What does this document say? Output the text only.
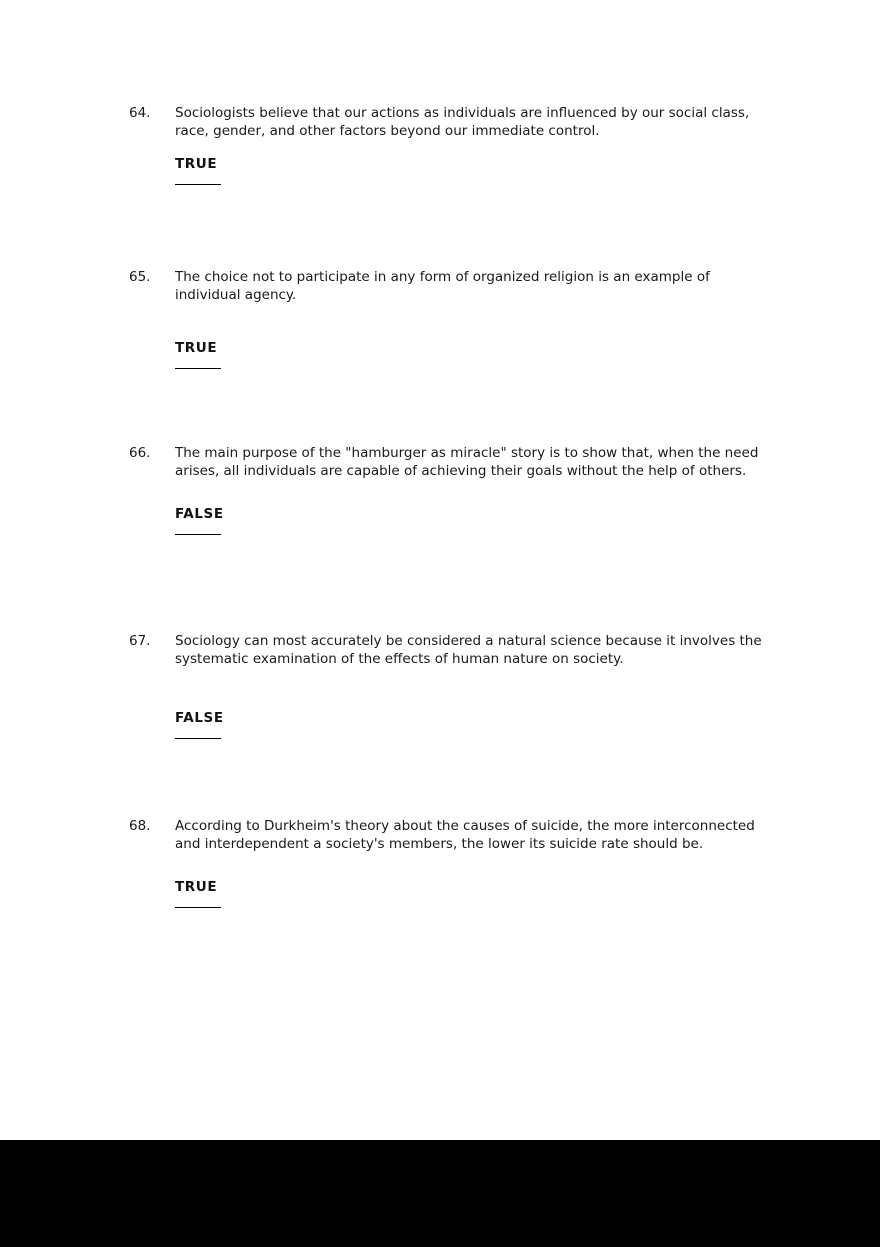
64.	Sociologists believe that our actions as individuals are influenced by our social class, race, gender, and other factors beyond our immediate control.

TRUE
65.	The choice not to participate in any form of organized religion is an example of individual agency.

TRUE
66.	The main purpose of the "hamburger as miracle" story is to show that, when the need arises, all individuals are capable of achieving their goals without the help of others.

FALSE
67.	Sociology can most accurately be considered a natural science because it involves the systematic examination of the effects of human nature on society.

FALSE
68.	According to Durkheim's theory about the causes of suicide, the more interconnected and interdependent a society's members, the lower its suicide rate should be.

TRUE
